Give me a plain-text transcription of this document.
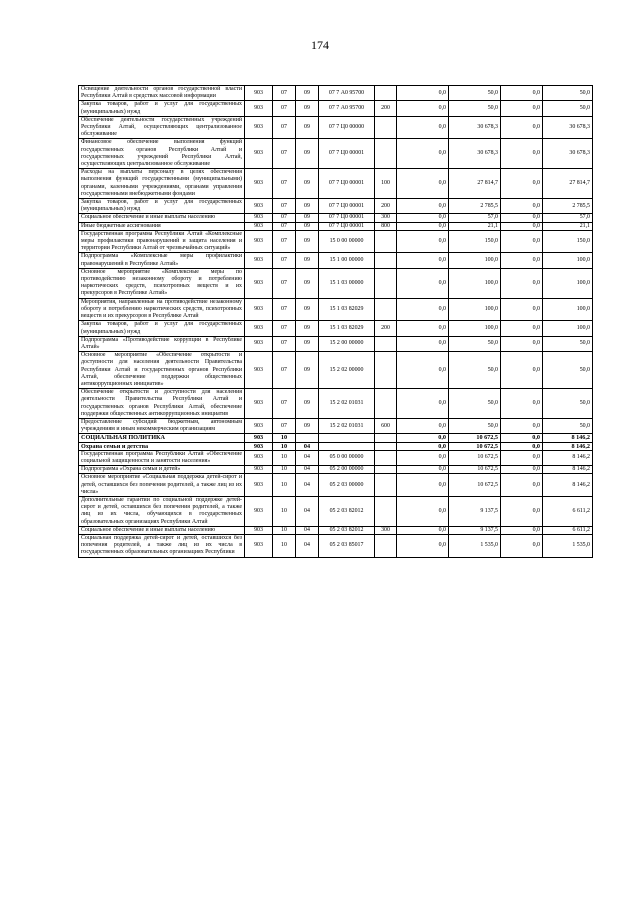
174
Освещение деятельности органов государственной власти Республики Алтай в средствах массовой информации	903	07	09	07 7 А0 95700		0,0	50,0	0,0	50,0
Закупка товаров, работ и услуг для государственных (муниципальных) нужд	903	07	09	07 7 А0 95700	200	0,0	50,0	0,0	50,0
Обеспечение деятельности государственных учреждений Республики Алтай, осуществляющих централизованное обслуживание	903	07	09	07 7 Ц0 00000		0,0	30 678,3	0,0	30 678,3
Финансовое обеспечение выполнения функций государственных органов Республики Алтай и государственных учреждений Республики Алтай, осуществляющих централизованное обслуживание	903	07	09	07 7 Ц0 00001		0,0	30 678,3	0,0	30 678,3
Расходы на выплаты персоналу в целях обеспечения выполнения функций государственными (муниципальными) органами, казенными учреждениями, органами управления государственными внебюджетными фондами	903	07	09	07 7 Ц0 00001	100	0,0	27 814,7	0,0	27 814,7
Закупка товаров, работ и услуг для государственных (муниципальных) нужд	903	07	09	07 7 Ц0 00001	200	0,0	2 785,5	0,0	2 785,5
Социальное обеспечение и иные выплаты населению	903	07	09	07 7 Ц0 00001	300	0,0	57,0	0,0	57,0
Иные бюджетные ассигнования	903	07	09	07 7 Ц0 00001	800	0,0	21,1	0,0	21,1
Государственная программа Республики Алтай «Комплексные меры профилактики правонарушений и защита населения и территории Республики Алтай от чрезвычайных ситуаций»	903	07	09	15 0 00 00000		0,0	150,0	0,0	150,0
Подпрограмма «Комплексные меры профилактики правонарушений в Республике Алтай»	903	07	09	15 1 00 00000		0,0	100,0	0,0	100,0
Основное мероприятие «Комплексные меры по противодействию незаконному обороту и потреблению наркотических средств, психотропных веществ и их прекурсоров в Республике Алтай»	903	07	09	15 1 03 00000		0,0	100,0	0,0	100,0
Мероприятия, направленные на противодействие незаконному обороту и потреблению наркотических средств, психотропных веществ и их прекурсоров в Республике Алтай	903	07	09	15 1 03 82029		0,0	100,0	0,0	100,0
Закупка товаров, работ и услуг для государственных (муниципальных) нужд	903	07	09	15 1 03 82029	200	0,0	100,0	0,0	100,0
Подпрограмма «Противодействие коррупции в Республике Алтай»	903	07	09	15 2 00 00000		0,0	50,0	0,0	50,0
Основное мероприятие «Обеспечение открытости и доступности для населения деятельности Правительства Республики Алтай и государственных органов Республики Алтай, обеспечение поддержки общественных антикоррупционных инициатив»	903	07	09	15 2 02 00000		0,0	50,0	0,0	50,0
Обеспечение открытости и доступности для населения деятельности Правительства Республики Алтай и государственных органов Республики Алтай, обеспечение поддержки общественных антикоррупционных инициатив	903	07	09	15 2 02 01031		0,0	50,0	0,0	50,0
Предоставление субсидий бюджетным, автономным учреждениям и иным некоммерческим организациям	903	07	09	15 2 02 01031	600	0,0	50,0	0,0	50,0
СОЦИАЛЬНАЯ ПОЛИТИКА	903	10				0,0	10 672,5	0,0	8 146,2
Охрана семьи и детства	903	10	04			0,0	10 672,5	0,0	8 146,2
Государственная программа Республики Алтай «Обеспечение социальной защищенности и занятости населения»	903	10	04	05 0 00 00000		0,0	10 672,5	0,0	8 146,2
Подпрограмма «Охрана семьи и детей»	903	10	04	05 2 00 00000		0,0	10 672,5	0,0	8 146,2
Основное мероприятие «Социальная поддержка детей-сирот и детей, оставшихся без попечения родителей, а также лиц из их числа»	903	10	04	05 2 03 00000		0,0	10 672,5	0,0	8 146,2
Дополнительные гарантии по социальной поддержке детей-сирот и детей, оставшихся без попечения родителей, а также лиц из их числа, обучающихся в государственных образовательных организациях Республики Алтай	903	10	04	05 2 03 82012		0,0	9 137,5	0,0	6 611,2
Социальное обеспечение и иные выплаты населению	903	10	04	05 2 03 82012	300	0,0	9 137,5	0,0	6 611,2
Социальная поддержка детей-сирот и детей, оставшихся без попечения родителей, а также лиц из их числа в государственных образовательных организациях Республики	903	10	04	05 2 03 85017		0,0	1 535,0	0,0	1 535,0
